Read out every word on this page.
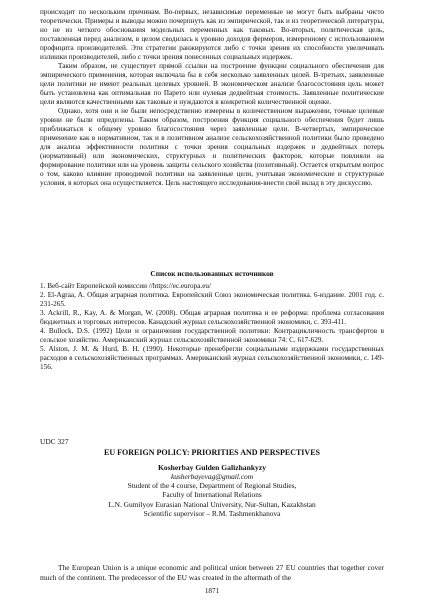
происходит по нескольким причинам. Во-первых, независимые переменные не могут быть выбраны чисто теоретически. Примеры и выводы можно почерпнуть как из эмпирической, так и из теоретической литературы, но не из четкого обоснования модельных переменных как таковых. Во-вторых, политическая цель, поставленная перед анализом, в целом сводилась к уровню доходов фермеров, измеренному с использованием профицита производителей. Эти стратегии ранжируются либо с точки зрения их способности увеличивать излишки производителей, либо с точки зрения понесенных социальных издержек.

Таким образом, не существует прямой ссылки на построение функции социального обеспечения для эмпирического применения, которая включала бы в себя несколько заявленных целей. В-третьих, заявленные цели политики не имеют реальных целевых уровней. В экономическом анализе благосостояния цель может быть установлена как оптимальная по Парето или нулевая дедвейтная стоимость. Заявленные политические цели являются качественными как таковые и нуждаются в конкретной количественной оценке.

Однако, хотя они и не были непосредственно измерены в количественном выражении, точные целевые уровни не были определены. Таким образом, построения функция социального обеспечения будет лишь приближаться к общему уровню благосостояния через заявленные цели. В-четвертых, эмпирическое применение как в нормативном, так и в позитивном анализе сельскохозяйственной политики было проведено для анализа эффективности политики с точки зрения социальных издержек и дедвейтных потерь (нормативный) или экономических, структурных и политических факторов, которые повлияли на формирование политики или на уровень защиты сельского хозяйства (позитивный). Остается открытым вопрос о том, каково влияние проводимой политики на заявленные цели, учитывая экономические и структурные условия, в которых она осуществляется. Цель настоящего исследования-внести свой вклад в эту дискуссию.

Список использованных источников

1. Веб-сайт Европейской комиссии //https://ec.europa.eu/

2. El-Agraa, A. Общая аграрная политика. Европейский Союз экономическая политика. 6-издание. 2001 год. с. 231-265.

3. Ackrill, R., Kay, A. & Morgan, W. (2008). Общая аграрная политика и ее реформа: проблема согласования бюджетных и торговых интересов. Канадский журнал сельскохозяйственной экономики, с. 393-411.

4. Bullock, D.S. (1992) Цели и ограничения государственной политики: Контрацикличность трансфертов в сельское хозяйство. Американский журнал сельскохозяйственной экономики 74: С. 617-629.

5. Alston, J. M. & Hurd, B. H. (1990). Некоторые пренебрегли социальными издержками государственных расходов в сельскохозяйственных программах. Американский журнал сельскохозяйственной экономики, с. 149-156.

UDC 327

EU FOREIGN POLICY: PRIORITIES AND PERSPECTIVES

Kosherbay Gulden Galizhankyzy

kusherbayevag@gmail.com

Student of the 4 course, Department of Regional Studies,

Faculty of International Relations

L.N. Gumilyov Eurasian National University, Nur-Sultan, Kazakhstan

Scientific supervisor – R.M. Tashmenkhanova

The European Union is a unique economic and political union between 27 EU countries that together cover much of the continent. The predecessor of the EU was created in the aftermath of the

1871
